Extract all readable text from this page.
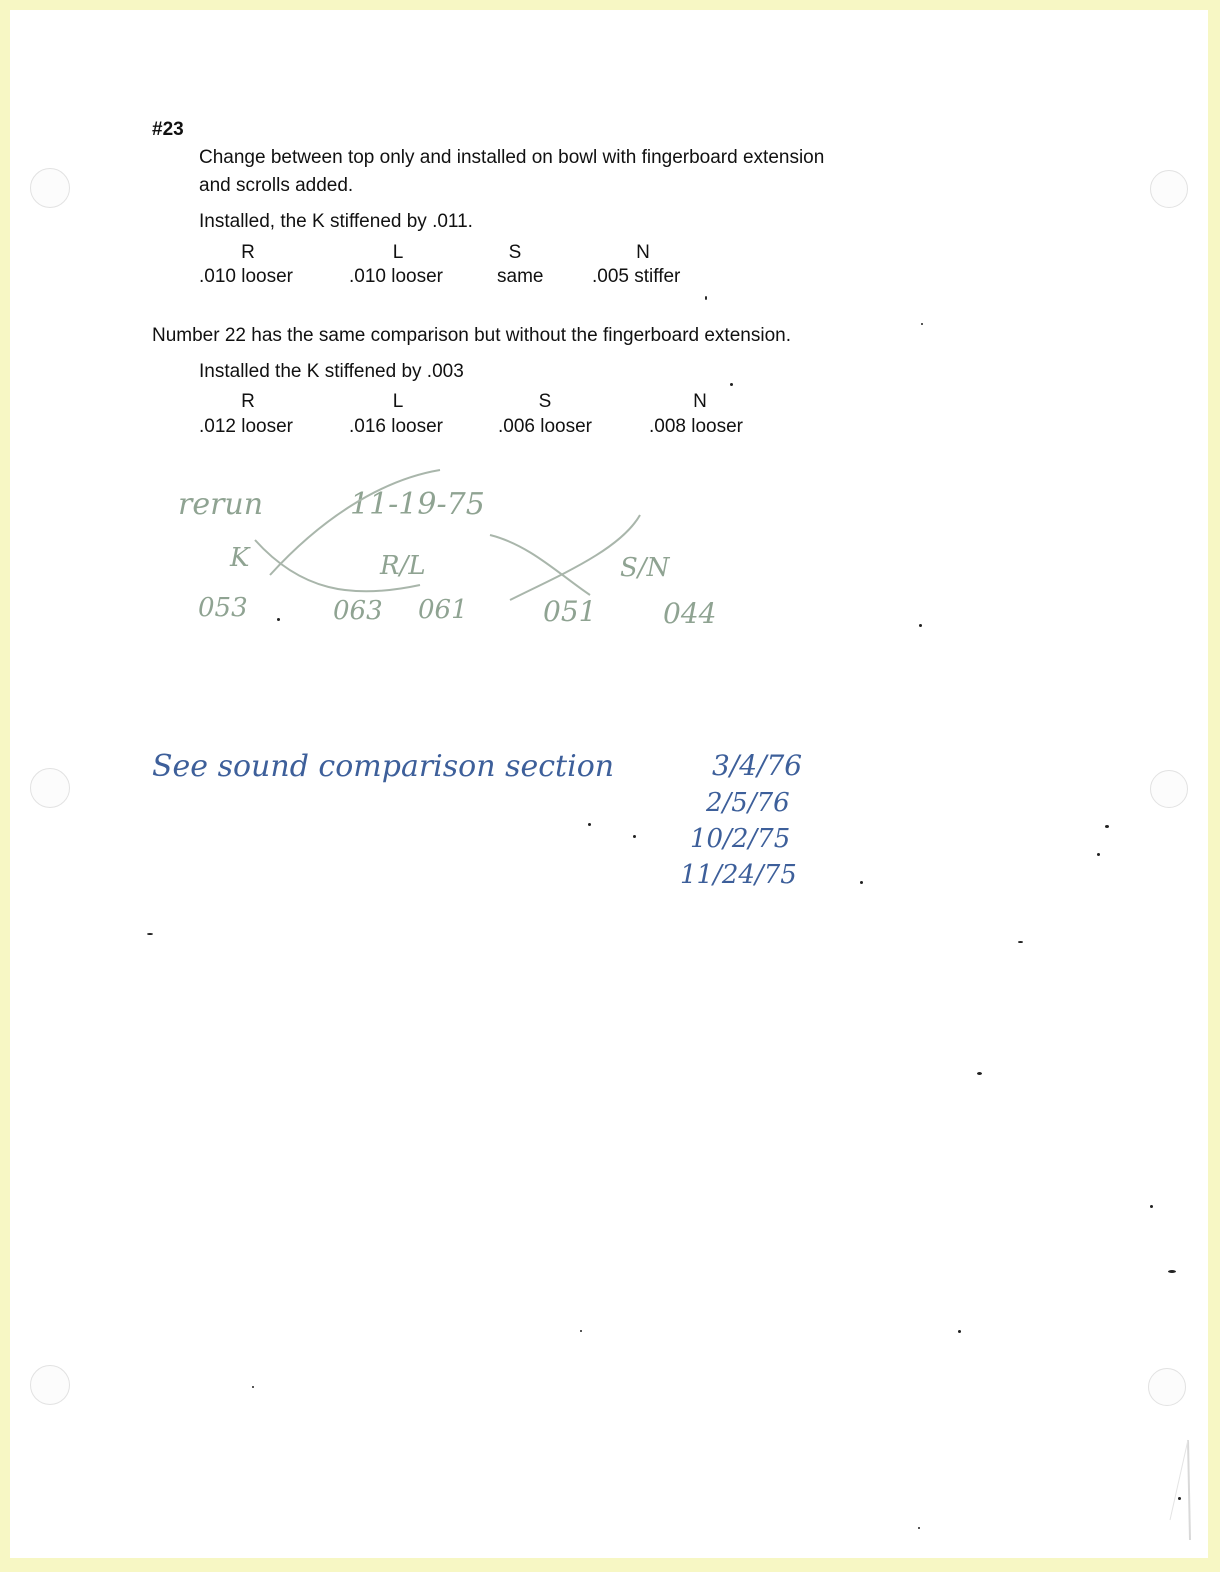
#23
Change between top only and installed on bowl with fingerboard extension
and scrolls added.
Installed, the K stiffened by .011.
R	L	S	N
.010 looser	.010 looser	same	.005 stiffer
Number 22 has the same comparison but without the fingerboard extension.
Installed the K stiffened by .003
R	L	S	N
.012 looser	.016 looser	.006 looser	.008 looser
rerun	11-19-75
K	R/L	S/N
053	063 061	051 044
See sound comparison section	3/4/76
2/5/76
10/2/75
11/24/75
